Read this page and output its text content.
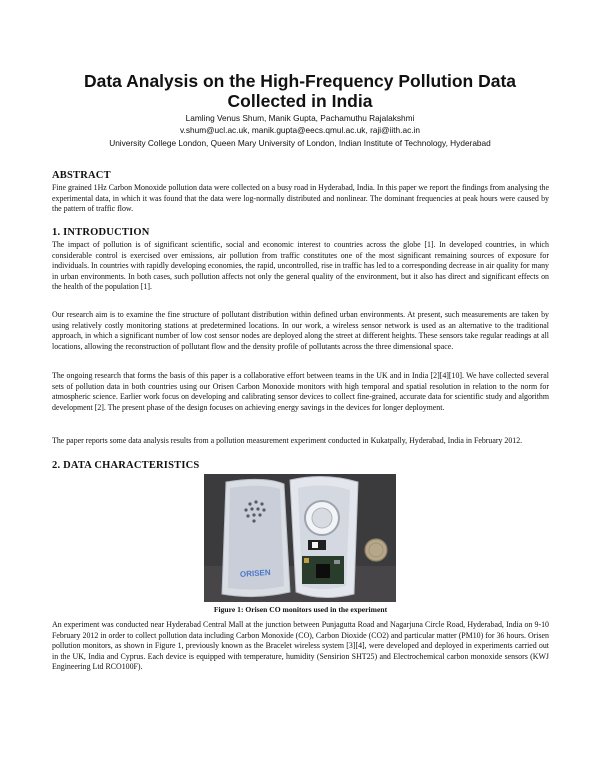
Data Analysis on the High-Frequency Pollution Data
Collected in India

Lamling Venus Shum, Manik Gupta, Pachamuthu Rajalakshmi

v.shum@ucl.ac.uk, manik.gupta@eecs.qmul.ac.uk, raji@iith.ac.in

University College London, Queen Mary University of London, Indian Institute of Technology, Hyderabad

ABSTRACT

Fine grained 1Hz Carbon Monoxide pollution data were collected on a busy road in Hyderabad, India. In this paper we report the findings from analysing the experimental data, in which it was found that the data were log-normally distributed and nonlinear. The dominant frequencies at peak hours were caused by the pattern of traffic flow.

1. INTRODUCTION

The impact of pollution is of significant scientific, social and economic interest to countries across the globe [1]. In developed countries, in which considerable control is exercised over emissions, air pollution from traffic constitutes one of the most significant remaining sources of exposure for individuals. In countries with rapidly developing economies, the rapid, uncontrolled, rise in traffic has led to a corresponding decrease in air quality for many in urban environments. In both cases, such pollution affects not only the general quality of the environment, but it also has direct and significant effects on the health of the population [1].

Our research aim is to examine the fine structure of pollutant distribution within defined urban environments. At present, such measurements are taken by using relatively costly monitoring stations at predetermined locations. In our work, a wireless sensor network is used as an alternative to the traditional approach, in which a significant number of low cost sensor nodes are deployed along the street at different heights. These sensors take regular readings at all locations, allowing the reconstruction of pollutant flow and the density profile of pollutants across the three dimensional space.

The ongoing research that forms the basis of this paper is a collaborative effort between teams in the UK and in India [2][4][10]. We have collected several sets of pollution data in both countries using our Orisen Carbon Monoxide monitors with high temporal and spatial resolution in relation to the norm for atmospheric science. Earlier work focus on developing and calibrating sensor devices to collect fine-grained, accurate data for scientific study and algorithm development [2]. The present phase of the design focuses on achieving energy savings in the devices for longer deployment.

The paper reports some data analysis results from a pollution measurement experiment conducted in Kukatpally, Hyderabad, India in February 2012.

2. DATA CHARACTERISTICS
ORISEN

Figure 1: Orisen CO monitors used in the experiment

An experiment was conducted near Hyderabad Central Mall at the junction between Punjagutta Road and Nagarjuna Circle Road, Hyderabad, India on 9-10 February 2012 in order to collect pollution data including Carbon Monoxide (CO), Carbon Dioxide (CO2) and particular matter (PM10) for 36 hours. Orisen pollution monitors, as shown in Figure 1, previously known as the Bracelet wireless system [3][4], were developed and deployed in experiments carried out in the UK, India and Cyprus. Each device is equipped with temperature, humidity (Sensirion SHT25) and Electrochemical carbon monoxide sensors (KWJ Engineering Ltd RCO100F).
